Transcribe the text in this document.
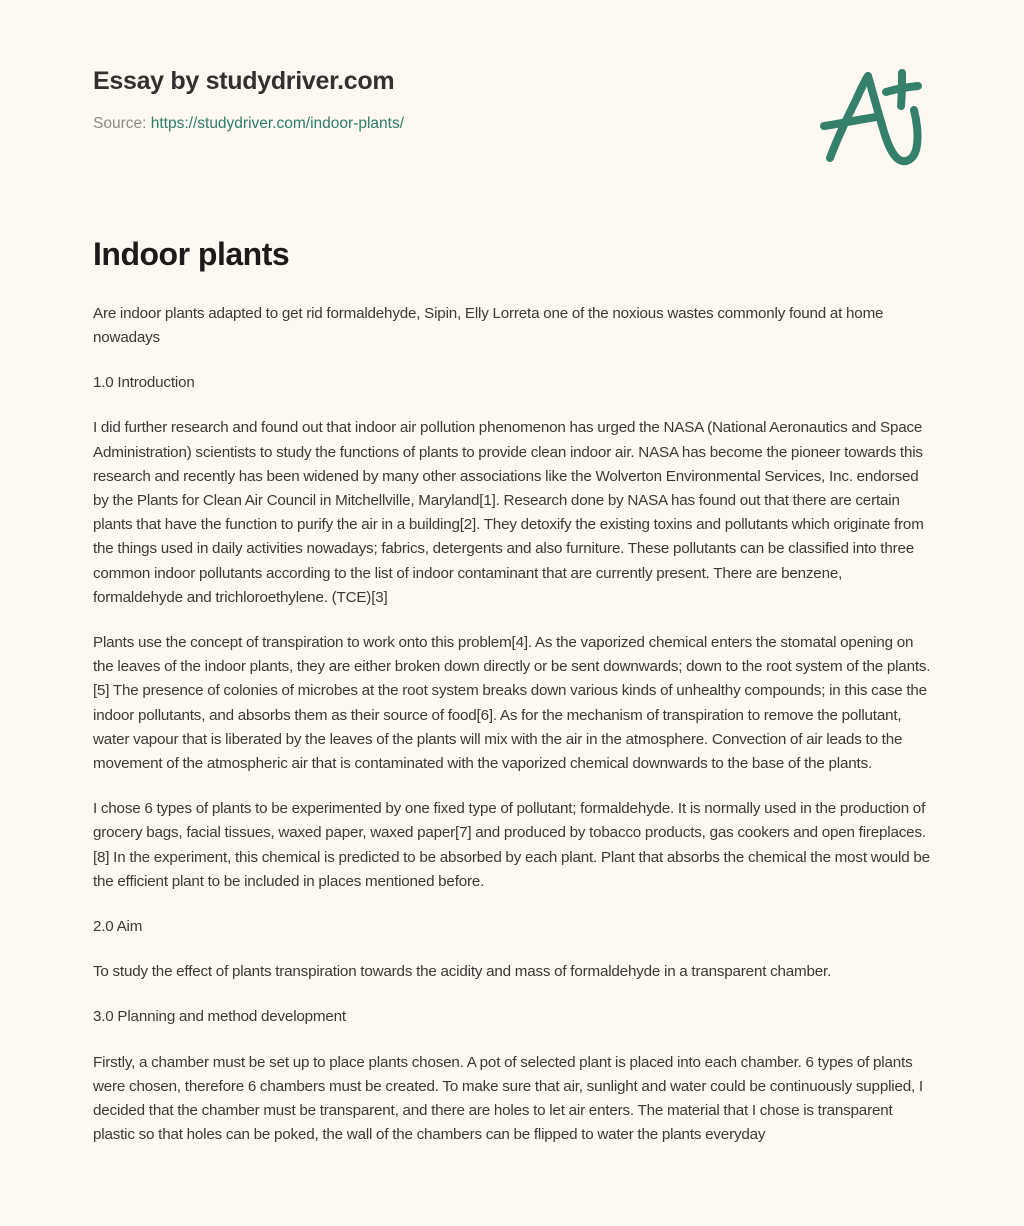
Essay by studydriver.com
Source: https://studydriver.com/indoor-plants/
Indoor plants

Are indoor plants adapted to get rid formaldehyde, Sipin, Elly Lorreta one of the noxious wastes commonly found at home nowadays

1.0 Introduction

I did further research and found out that indoor air pollution phenomenon has urged the NASA (National Aeronautics and Space Administration) scientists to study the functions of plants to provide clean indoor air. NASA has become the pioneer towards this research and recently has been widened by many other associations like the Wolverton Environmental Services, Inc. endorsed by the Plants for Clean Air Council in Mitchellville, Maryland[1]. Research done by NASA has found out that there are certain plants that have the function to purify the air in a building[2]. They detoxify the existing toxins and pollutants which originate from the things used in daily activities nowadays; fabrics, detergents and also furniture. These pollutants can be classified into three common indoor pollutants according to the list of indoor contaminant that are currently present. There are benzene, formaldehyde and trichloroethylene. (TCE)[3]

Plants use the concept of transpiration to work onto this problem[4]. As the vaporized chemical enters the stomatal opening on the leaves of the indoor plants, they are either broken down directly or be sent downwards; down to the root system of the plants.[5] The presence of colonies of microbes at the root system breaks down various kinds of unhealthy compounds; in this case the indoor pollutants, and absorbs them as their source of food[6]. As for the mechanism of transpiration to remove the pollutant, water vapour that is liberated by the leaves of the plants will mix with the air in the atmosphere. Convection of air leads to the movement of the atmospheric air that is contaminated with the vaporized chemical downwards to the base of the plants.

I chose 6 types of plants to be experimented by one fixed type of pollutant; formaldehyde. It is normally used in the production of grocery bags, facial tissues, waxed paper, waxed paper[7] and produced by tobacco products, gas cookers and open fireplaces.[8] In the experiment, this chemical is predicted to be absorbed by each plant. Plant that absorbs the chemical the most would be the efficient plant to be included in places mentioned before.

2.0 Aim

To study the effect of plants transpiration towards the acidity and mass of formaldehyde in a transparent chamber.

3.0 Planning and method development

Firstly, a chamber must be set up to place plants chosen. A pot of selected plant is placed into each chamber. 6 types of plants were chosen, therefore 6 chambers must be created. To make sure that air, sunlight and water could be continuously supplied, I decided that the chamber must be transparent, and there are holes to let air enters. The material that I chose is transparent plastic so that holes can be poked, the wall of the chambers can be flipped to water the plants everyday
